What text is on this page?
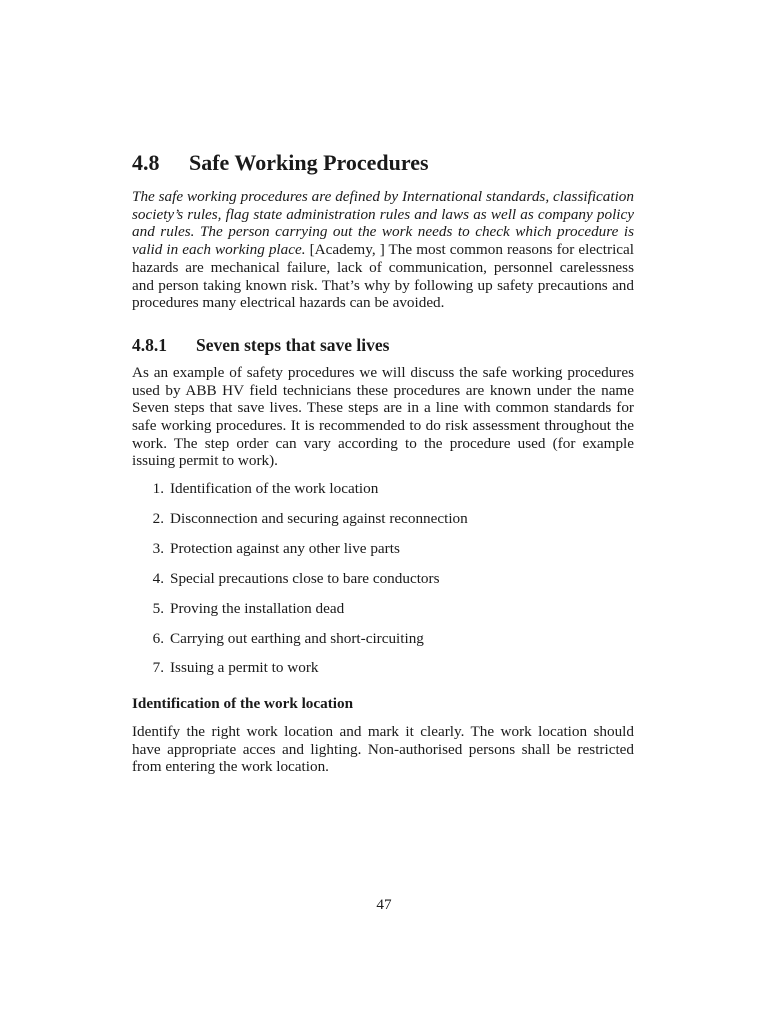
4.8	Safe Working Procedures

The safe working procedures are defined by International standards, classification society’s rules, flag state administration rules and laws as well as company policy and rules. The person carrying out the work needs to check which procedure is valid in each working place. [Academy, ] The most common reasons for electrical hazards are mechanical failure, lack of communication, personnel carelessness and person taking known risk. That’s why by following up safety precautions and procedures many electrical hazards can be avoided.

4.8.1	Seven steps that save lives

As an example of safety procedures we will discuss the safe working procedures used by ABB HV field technicians these procedures are known under the name Seven steps that save lives. These steps are in a line with common standards for safe working procedures. It is recommended to do risk assessment throughout the work. The step order can vary according to the procedure used (for example issuing permit to work).

1. Identification of the work location
2. Disconnection and securing against reconnection
3. Protection against any other live parts
4. Special precautions close to bare conductors
5. Proving the installation dead
6. Carrying out earthing and short-circuiting
7. Issuing a permit to work
Identification of the work location

Identify the right work location and mark it clearly. The work location should have appropriate acces and lighting. Non-authorised persons shall be restricted from entering the work location.

47
